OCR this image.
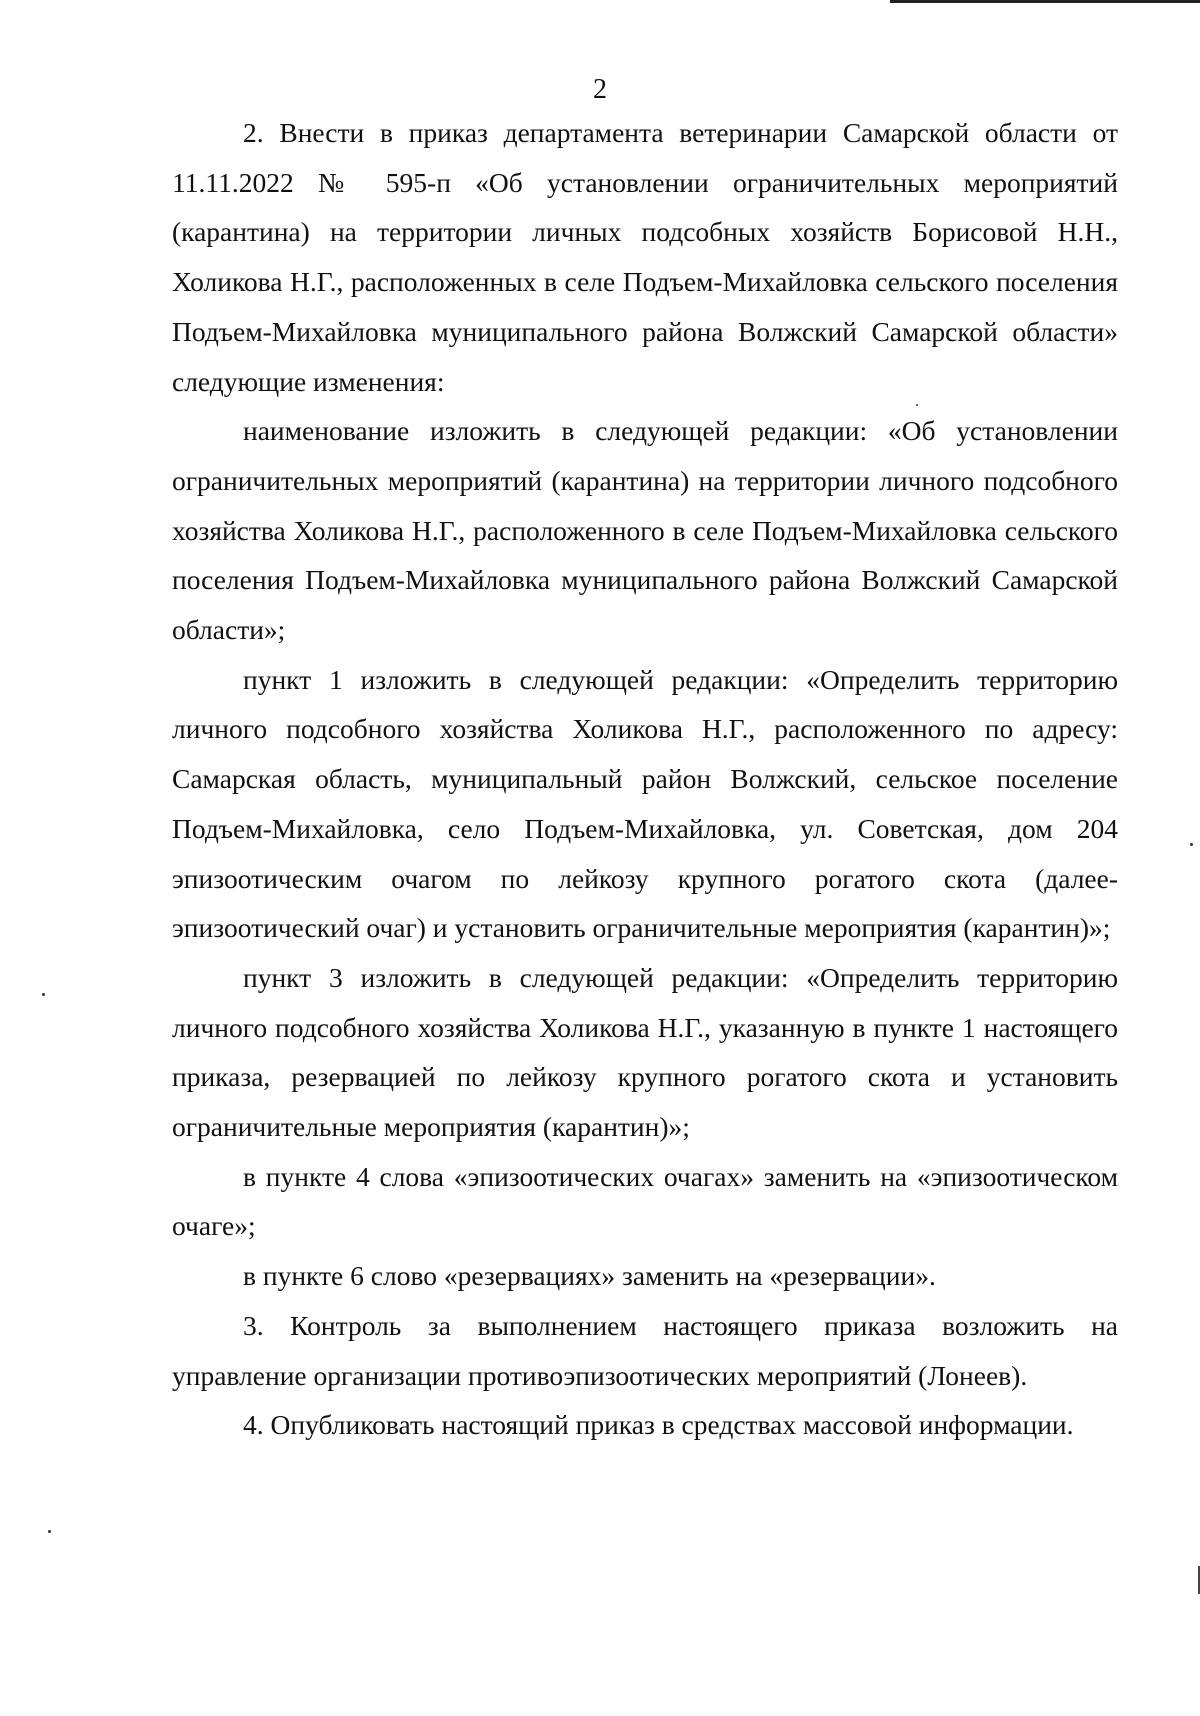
2

2. Внести в приказ департамента ветеринарии Самарской области от 11.11.2022 № 595-п «Об установлении ограничительных мероприятий (карантина) на территории личных подсобных хозяйств Борисовой Н.Н., Холикова Н.Г., расположенных в селе Подъем-Михайловка сельского поселения Подъем-Михайловка муниципального района Волжский Самарской области» следующие изменения:

наименование изложить в следующей редакции: «Об установлении ограничительных мероприятий (карантина) на территории личного подсобного хозяйства Холикова Н.Г., расположенного в селе Подъем-Михайловка сельского поселения Подъем-Михайловка муниципального района Волжский Самарской области»;

пункт 1 изложить в следующей редакции: «Определить территорию личного подсобного хозяйства Холикова Н.Г., расположенного по адресу: Самарская область, муниципальный район Волжский, сельское поселение Подъем-Михайловка, село Подъем-Михайловка, ул. Советская, дом 204 эпизоотическим очагом по лейкозу крупного рогатого скота (далее-эпизоотический очаг) и установить ограничительные мероприятия (карантин)»;

пункт 3 изложить в следующей редакции: «Определить территорию личного подсобного хозяйства Холикова Н.Г., указанную в пункте 1 настоящего приказа, резервацией по лейкозу крупного рогатого скота и установить ограничительные мероприятия (карантин)»;

в пункте 4 слова «эпизоотических очагах» заменить на «эпизоотическом очаге»;

в пункте 6 слово «резервациях» заменить на «резервации».

3. Контроль за выполнением настоящего приказа возложить на управление организации противоэпизоотических мероприятий (Лонеев).

4. Опубликовать настоящий приказ в средствах массовой информации.
